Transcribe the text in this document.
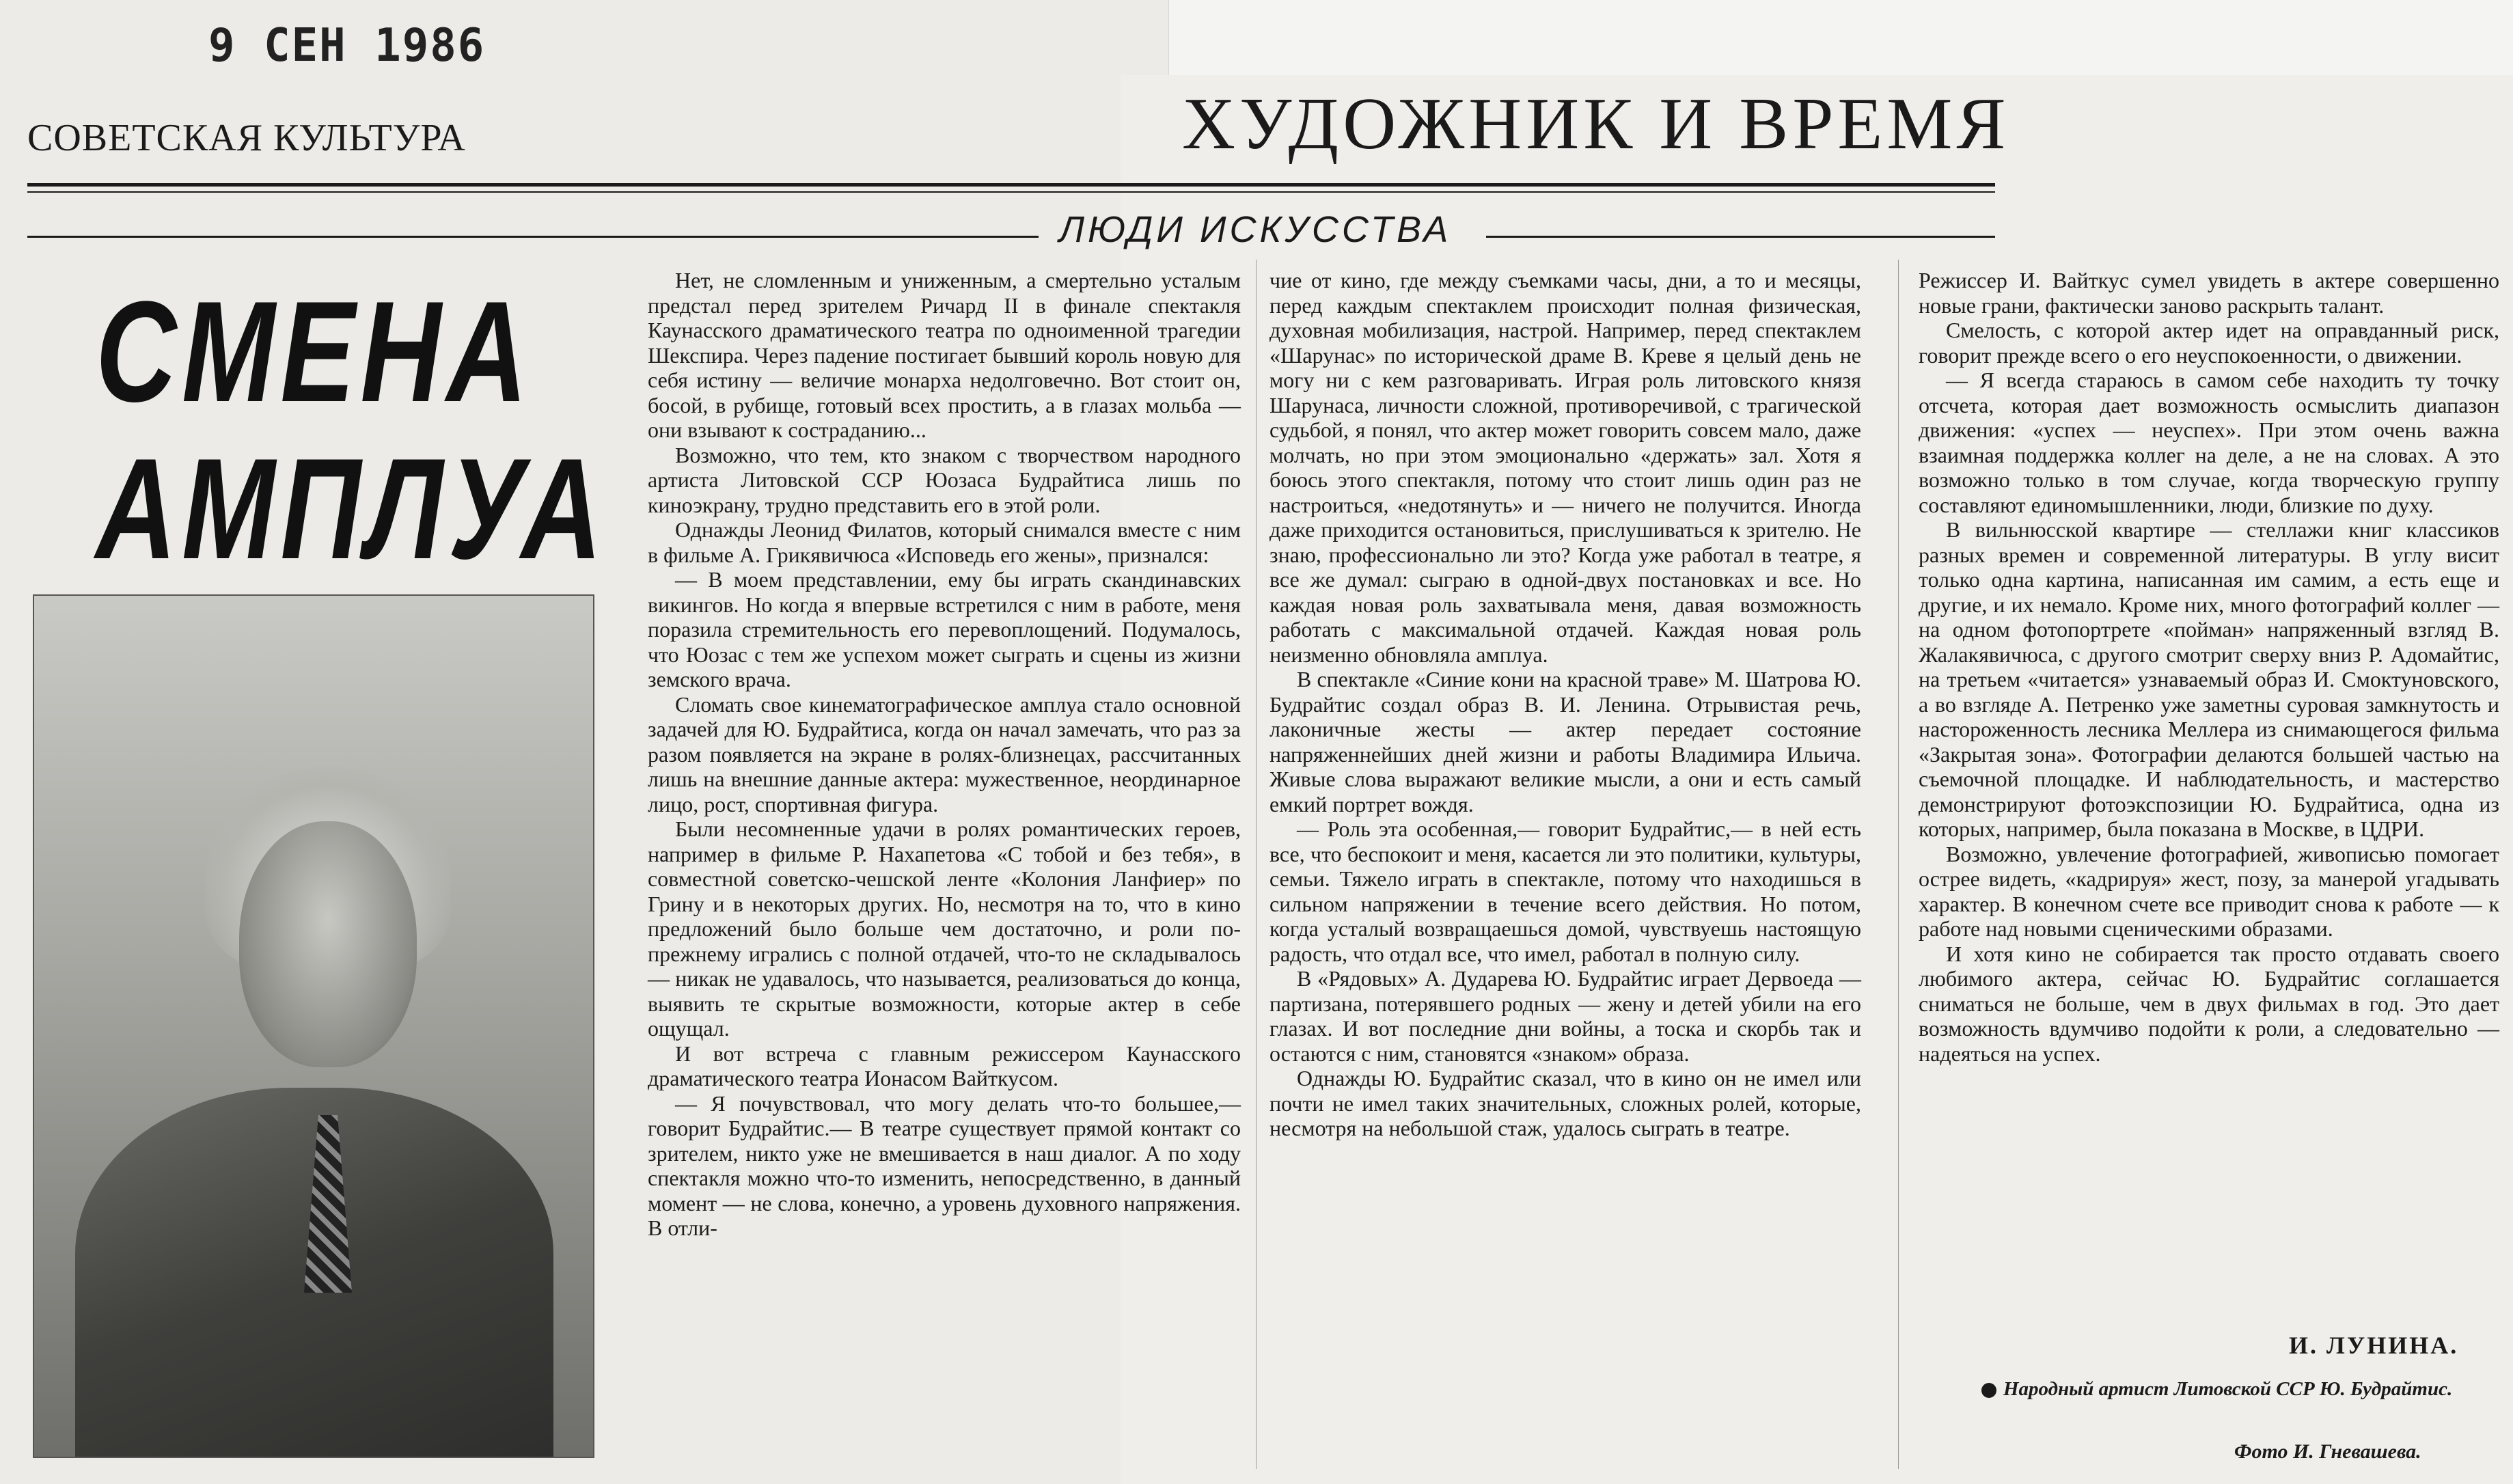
9 СЕН 1986
СОВЕТСКАЯ КУЛЬТУРА	ХУДОЖНИК И ВРЕМЯ
ЛЮДИ ИСКУССТВА
СМЕНА
АМПЛУА

Нет, не сломленным и униженным, а смертельно усталым предстал перед зрителем Ричард II в финале спектакля Каунасского драматического театра по одноименной трагедии Шекспира. Через падение постигает бывший король новую для себя истину — величие монарха недолговечно. Вот стоит он, босой, в рубище, готовый всех простить, а в глазах мольба — они взывают к состраданию...

Возможно, что тем, кто знаком с творчеством народного артиста Литовской ССР Юозаса Будрайтиса лишь по киноэкрану, трудно представить его в этой роли.

Однажды Леонид Филатов, который снимался вместе с ним в фильме А. Грикявичюса «Исповедь его жены», признался:

— В моем представлении, ему бы играть скандинавских викингов. Но когда я впервые встретился с ним в работе, меня поразила стремительность его перевоплощений. Подумалось, что Юозас с тем же успехом может сыграть и сцены из жизни земского врача.

Сломать свое кинематографическое амплуа стало основной задачей для Ю. Будрайтиса, когда он начал замечать, что раз за разом появляется на экране в ролях-близнецах, рассчитанных лишь на внешние данные актера: мужественное, неординарное лицо, рост, спортивная фигура.

Были несомненные удачи в ролях романтических героев, например в фильме Р. Нахапетова «С тобой и без тебя», в совместной советско-чешской ленте «Колония Ланфиер» по Грину и в некоторых других. Но, несмотря на то, что в кино предложений было больше чем достаточно, и роли по-прежнему игрались с полной отдачей, что-то не складывалось — никак не удавалось, что называется, реализоваться до конца, выявить те скрытые возможности, которые актер в себе ощущал.

И вот встреча с главным режиссером Каунасского драматического театра Ионасом Вайткусом.

— Я почувствовал, что могу делать что-то большее,— говорит Будрайтис.— В театре существует прямой контакт со зрителем, никто уже не вмешивается в наш диалог. А по ходу спектакля можно что-то изменить, непосредственно, в данный момент — не слова, конечно, а уровень духовного напряжения. В отли-

чие от кино, где между съемками часы, дни, а то и месяцы, перед каждым спектаклем происходит полная физическая, духовная мобилизация, настрой. Например, перед спектаклем «Шарунас» по исторической драме В. Креве я целый день не могу ни с кем разговаривать. Играя роль литовского князя Шарунаса, личности сложной, противоречивой, с трагической судьбой, я понял, что актер может говорить совсем мало, даже молчать, но при этом эмоционально «держать» зал. Хотя я боюсь этого спектакля, потому что стоит лишь один раз не настроиться, «недотянуть» и — ничего не получится. Иногда даже приходится остановиться, прислушиваться к зрителю. Не знаю, профессионально ли это? Когда уже работал в театре, я все же думал: сыграю в одной-двух постановках и все. Но каждая новая роль захватывала меня, давая возможность работать с максимальной отдачей. Каждая новая роль неизменно обновляла амплуа.

В спектакле «Синие кони на красной траве» М. Шатрова Ю. Будрайтис создал образ В. И. Ленина. Отрывистая речь, лаконичные жесты — актер передает состояние напряженнейших дней жизни и работы Владимира Ильича. Живые слова выражают великие мысли, а они и есть самый емкий портрет вождя.

— Роль эта особенная,— говорит Будрайтис,— в ней есть все, что беспокоит и меня, касается ли это политики, культуры, семьи. Тяжело играть в спектакле, потому что находишься в сильном напряжении в течение всего действия. Но потом, когда усталый возвращаешься домой, чувствуешь настоящую радость, что отдал все, что имел, работал в полную силу.

В «Рядовых» А. Дударева Ю. Будрайтис играет Дервоеда — партизана, потерявшего родных — жену и детей убили на его глазах. И вот последние дни войны, а тоска и скорбь так и остаются с ним, становятся «знаком» образа.

Однажды Ю. Будрайтис сказал, что в кино он не имел или почти не имел таких значительных, сложных ролей, которые, несмотря на небольшой стаж, удалось сыграть в театре.

Режиссер И. Вайткус сумел увидеть в актере совершенно новые грани, фактически заново раскрыть талант.

Смелость, с которой актер идет на оправданный риск, говорит прежде всего о его неуспокоенности, о движении.

— Я всегда стараюсь в самом себе находить ту точку отсчета, которая дает возможность осмыслить диапазон движения: «успех — неуспех». При этом очень важна взаимная поддержка коллег на деле, а не на словах. А это возможно только в том случае, когда творческую группу составляют единомышленники, люди, близкие по духу.

В вильнюсской квартире — стеллажи книг классиков разных времен и современной литературы. В углу висит только одна картина, написанная им самим, а есть еще и другие, и их немало. Кроме них, много фотографий коллег — на одном фотопортрете «пойман» напряженный взгляд В. Жалакявичюса, с другого смотрит сверху вниз Р. Адомайтис, на третьем «читается» узнаваемый образ И. Смоктуновского, а во взгляде А. Петренко уже заметны суровая замкнутость и настороженность лесника Меллера из снимающегося фильма «Закрытая зона». Фотографии делаются большей частью на съемочной площадке. И наблюдательность, и мастерство демонстрируют фотоэкспозиции Ю. Будрайтиса, одна из которых, например, была показана в Москве, в ЦДРИ.

Возможно, увлечение фотографией, живописью помогает острее видеть, «кадрируя» жест, позу, за манерой угадывать характер. В конечном счете все приводит снова к работе — к работе над новыми сценическими образами.

И хотя кино не собирается так просто отдавать своего любимого актера, сейчас Ю. Будрайтис соглашается сниматься не больше, чем в двух фильмах в год. Это дает возможность вдумчиво подойти к роли, а следовательно — надеяться на успех.

И. ЛУНИНА.
Народный артист Литовской ССР Ю. Будрайтис.
Фото И. Гневашева.
